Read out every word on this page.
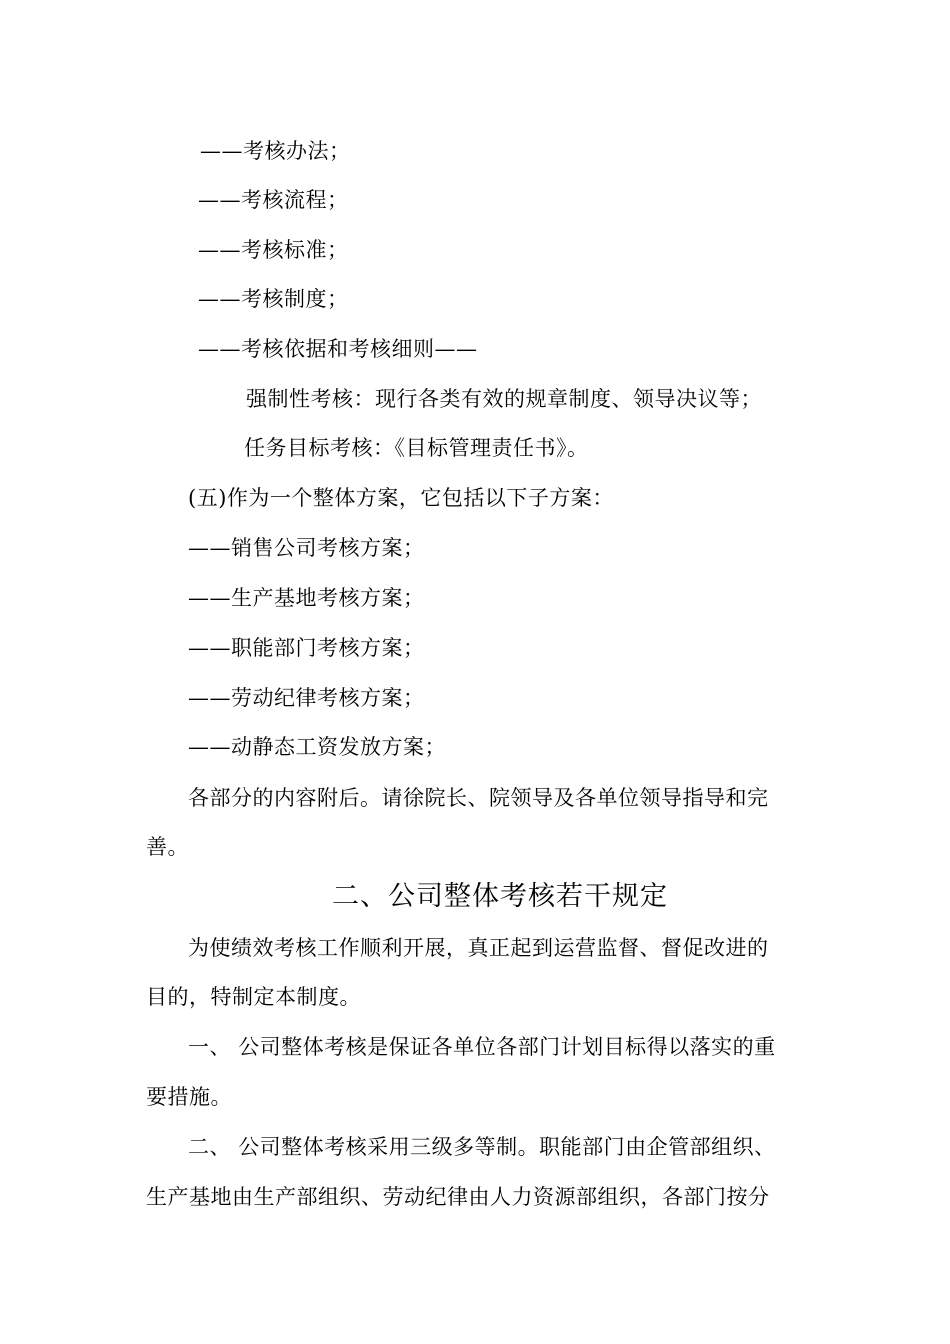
——考核办法；
——考核流程；
——考核标准；
——考核制度；
——考核依据和考核细则——
强制性考核：现行各类有效的规章制度、领导决议等；
任务目标考核：《目标管理责任书》。
(五)作为一个整体方案，它包括以下子方案：
——销售公司考核方案；
——生产基地考核方案；
——职能部门考核方案；
——劳动纪律考核方案；
——动静态工资发放方案；
各部分的内容附后。请徐院长、院领导及各单位领导指导和完
善。
二、公司整体考核若干规定
为使绩效考核工作顺利开展，真正起到运营监督、督促改进的
目的，特制定本制度。
一、 公司整体考核是保证各单位各部门计划目标得以落实的重
要措施。
二、 公司整体考核采用三级多等制。职能部门由企管部组织、
生产基地由生产部组织、劳动纪律由人力资源部组织，各部门按分
